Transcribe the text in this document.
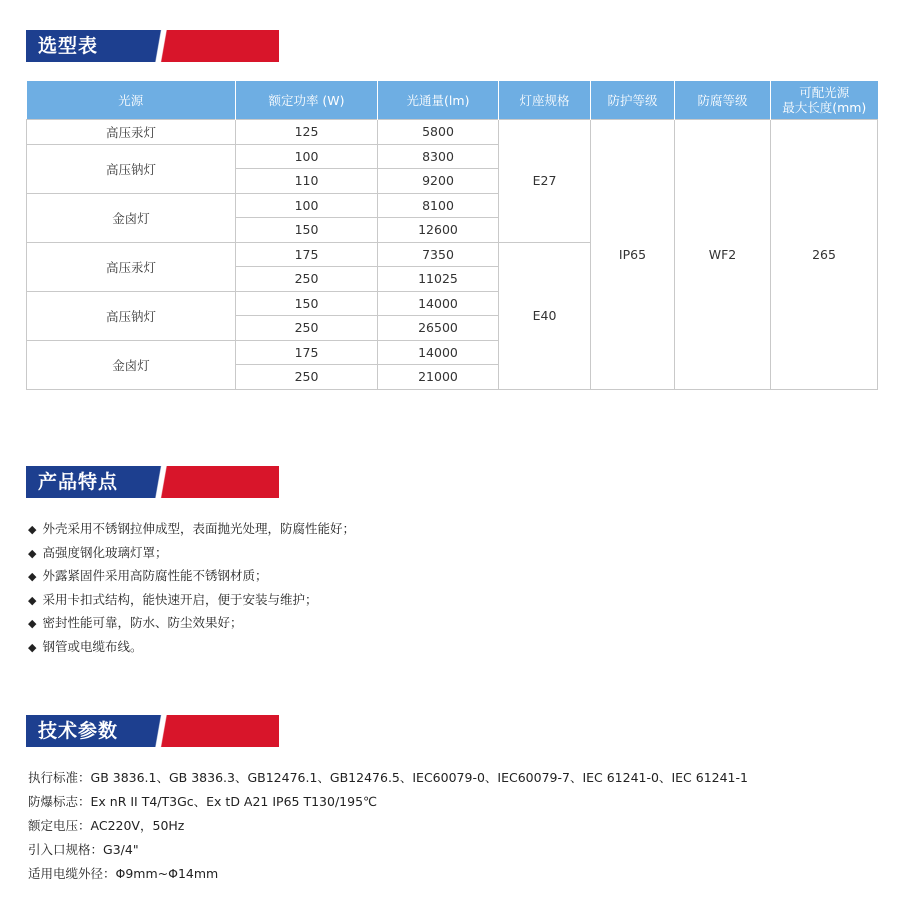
选型表
光源	额定功率 (W)	光通量(lm)	灯座规格	防护等级	防腐等级	可配光源
最大长度(mm)

高压汞灯	125	5800	E27	IP65	WF2	265
高压钠灯	100	8300				
	110	9200				
金卤灯	100	8100				
	150	12600				
高压汞灯	175	7350	E40			
	250	11025				
高压钠灯	150	14000				
	250	26500				
金卤灯	175	14000				
	250	21000				
产品特点
◆ 外壳采用不锈钢拉伸成型，表面抛光处理，防腐性能好；
◆ 高强度钢化玻璃灯罩；
◆ 外露紧固件采用高防腐性能不锈钢材质；
◆ 采用卡扣式结构，能快速开启，便于安装与维护；
◆ 密封性能可靠，防水、防尘效果好；
◆ 钢管或电缆布线。
技术参数
执行标准：GB 3836.1、GB 3836.3、GB12476.1、GB12476.5、IEC60079-0、IEC60079-7、IEC 61241-0、IEC 61241-1
防爆标志：Ex nR II T4/T3Gc、Ex tD A21 IP65 T130/195℃
额定电压：AC220V，50Hz
引入口规格：G3/4"
适用电缆外径：Φ9mm~Φ14mm
